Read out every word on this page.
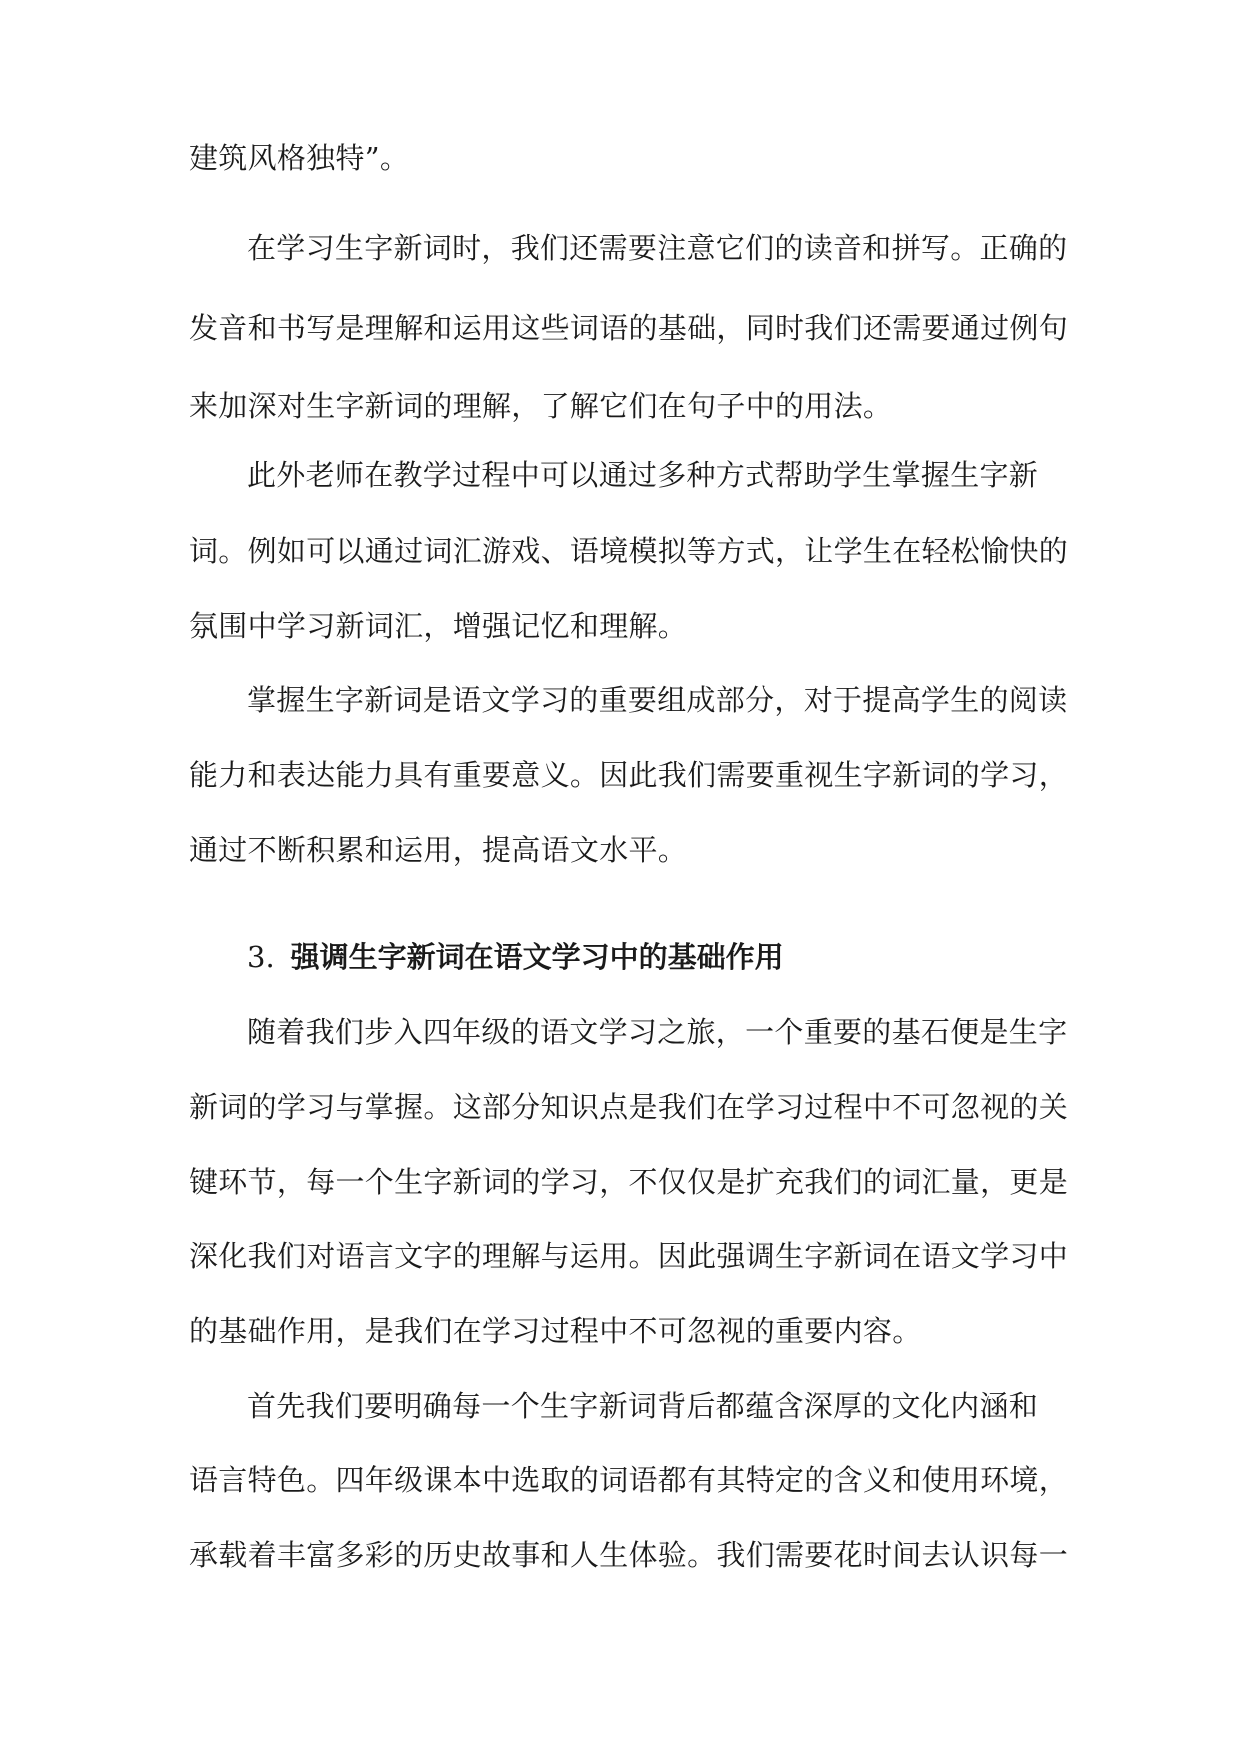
建筑风格独特”。
在学习生字新词时，我们还需要注意它们的读音和拼写。正确的
发音和书写是理解和运用这些词语的基础，同时我们还需要通过例句
来加深对生字新词的理解，了解它们在句子中的用法。
此外老师在教学过程中可以通过多种方式帮助学生掌握生字新
词。例如可以通过词汇游戏、语境模拟等方式，让学生在轻松愉快的
氛围中学习新词汇，增强记忆和理解。
掌握生字新词是语文学习的重要组成部分，对于提高学生的阅读
能力和表达能力具有重要意义。因此我们需要重视生字新词的学习，
通过不断积累和运用，提高语文水平。
3. 强调生字新词在语文学习中的基础作用
随着我们步入四年级的语文学习之旅，一个重要的基石便是生字
新词的学习与掌握。这部分知识点是我们在学习过程中不可忽视的关
键环节，每一个生字新词的学习，不仅仅是扩充我们的词汇量，更是
深化我们对语言文字的理解与运用。因此强调生字新词在语文学习中
的基础作用，是我们在学习过程中不可忽视的重要内容。
首先我们要明确每一个生字新词背后都蕴含深厚的文化内涵和
语言特色。四年级课本中选取的词语都有其特定的含义和使用环境，
承载着丰富多彩的历史故事和人生体验。我们需要花时间去认识每一
